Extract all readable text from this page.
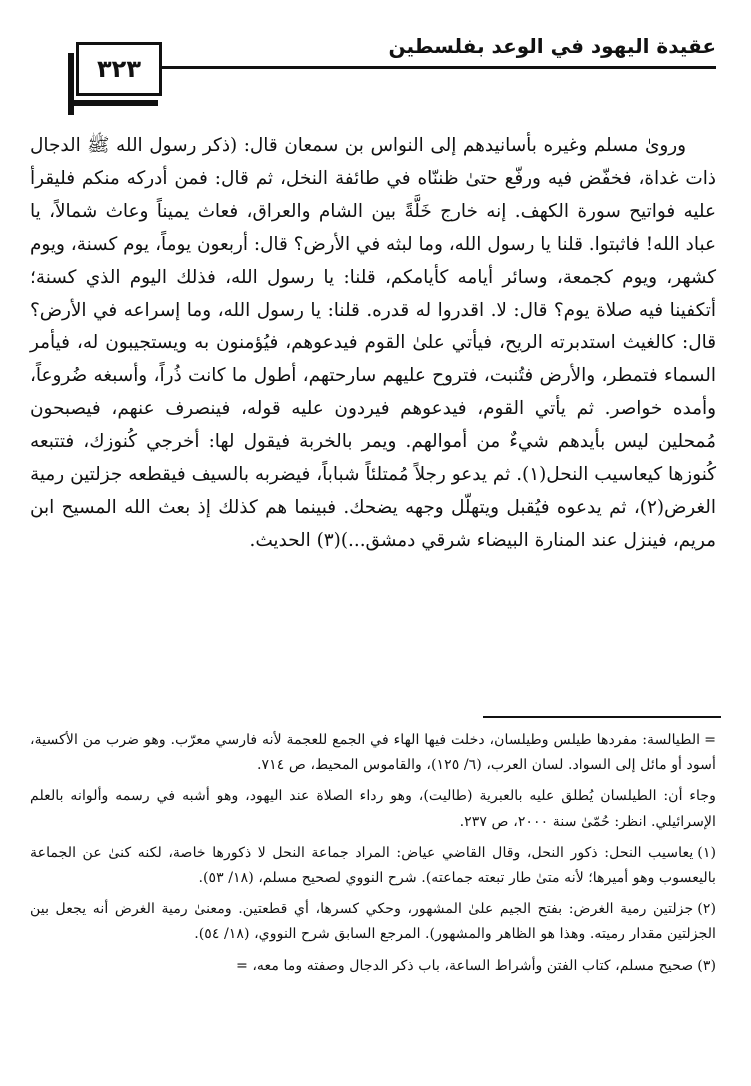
٣٢٣
عقيدة اليهود في الوعد بفلسطين

وروىٰ مسلم وغيره بأسانيدهم إلى النواس بن سمعان قال: (ذكر رسول الله ﷺ الدجال ذات غداة، فخفّض فيه ورفّع حتىٰ ظننّاه في طائفة النخل، ثم قال: فمن أدركه منكم فليقرأ عليه فواتيح سورة الكهف. إنه خارج خَلَّةً بين الشام والعراق، فعاث يميناً وعاث شمالاً، يا عباد الله! فاثبتوا. قلنا يا رسول الله، وما لبثه في الأرض؟ قال: أربعون يوماً، يوم كسنة، ويوم كشهر، ويوم كجمعة، وسائر أيامه كأيامكم، قلنا: يا رسول الله، فذلك اليوم الذي كسنة؛ أتكفينا فيه صلاة يوم؟ قال: لا. اقدروا له قدره. قلنا: يا رسول الله، وما إسراعه في الأرض؟ قال: كالغيث استدبرته الريح، فيأتي علىٰ القوم فيدعوهم، فيُؤمنون به ويستجيبون له، فيأمر السماء فتمطر، والأرض فتُنبت، فتروح عليهم سارحتهم، أطول ما كانت ذُراً، وأسبغه ضُروعاً، وأمده خواصر. ثم يأتي القوم، فيدعوهم فيردون عليه قوله، فينصرف عنهم، فيصبحون مُمحلين ليس بأيدهم شيءٌ من أموالهم. ويمر بالخربة فيقول لها: أخرجي كُنوزك، فتتبعه كُنوزها كيعاسيب النحل(١). ثم يدعو رجلاً مُمتلئاً شباباً، فيضربه بالسيف فيقطعه جزلتين رمية الغرض(٢)، ثم يدعوه فيُقبل ويتهلّل وجهه يضحك. فبينما هم كذلك إذ بعث الله المسيح ابن مريم، فينزل عند المنارة البيضاء شرقي دمشق...)(٣) الحديث.

=الطيالسة: مفردها طيلس وطيلسان، دخلت فيها الهاء في الجمع للعجمة لأنه فارسي معرّب. وهو ضرب من الأكسية، أسود أو مائل إلى السواد. لسان العرب، (٦/ ١٢٥)، والقاموس المحيط، ص ٧١٤.

وجاء أن: الطيلسان يُطلق عليه بالعبرية (طاليت)، وهو رداء الصلاة عند اليهود، وهو أشبه في رسمه وألوانه بالعلم الإسرائيلي. انظر: حُمّىٰ سنة ٢٠٠٠، ص ٢٣٧.

(١)يعاسيب النحل: ذكور النحل، وقال القاضي عياض: المراد جماعة النحل لا ذكورها خاصة، لكنه كنىٰ عن الجماعة باليعسوب وهو أميرها؛ لأنه متىٰ طار تبعته جماعته). شرح النووي لصحيح مسلم، (١٨/ ٥٣).

(٢)جزلتين رمية الغرض: بفتح الجيم علىٰ المشهور، وحكي كسرها، أي قطعتين. ومعنىٰ رمية الغرض أنه يجعل بين الجزلتين مقدار رميته. وهذا هو الظاهر والمشهور). المرجع السابق شرح النووي، (١٨/ ٥٤).

(٣)صحيح مسلم، كتاب الفتن وأشراط الساعة، باب ذكر الدجال وصفته وما معه، =
